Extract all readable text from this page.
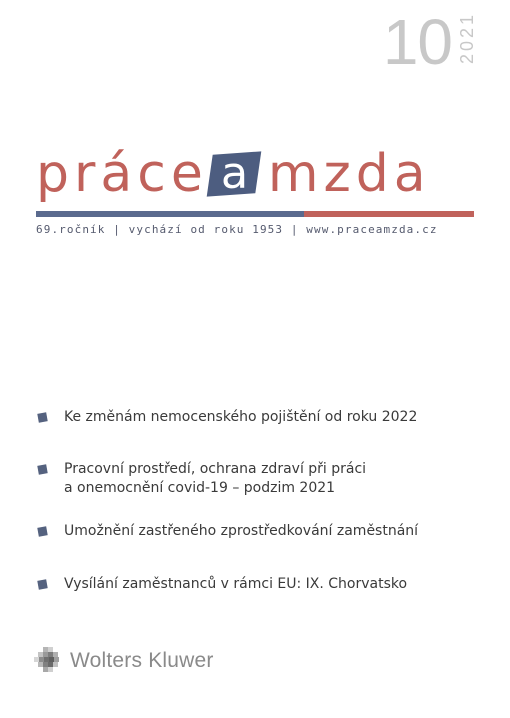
10 2021
práce a mzda
69.ročník | vychází od roku 1953 | www.praceamzda.cz
Ke změnám nemocenského pojištění od roku 2022
Pracovní prostředí, ochrana zdraví při práci
a onemocnění covid-19 – podzim 2021
Umožnění zastřeného zprostředkování zaměstnání
Vysílání zaměstnanců v rámci EU: IX. Chorvatsko
Wolters Kluwer
